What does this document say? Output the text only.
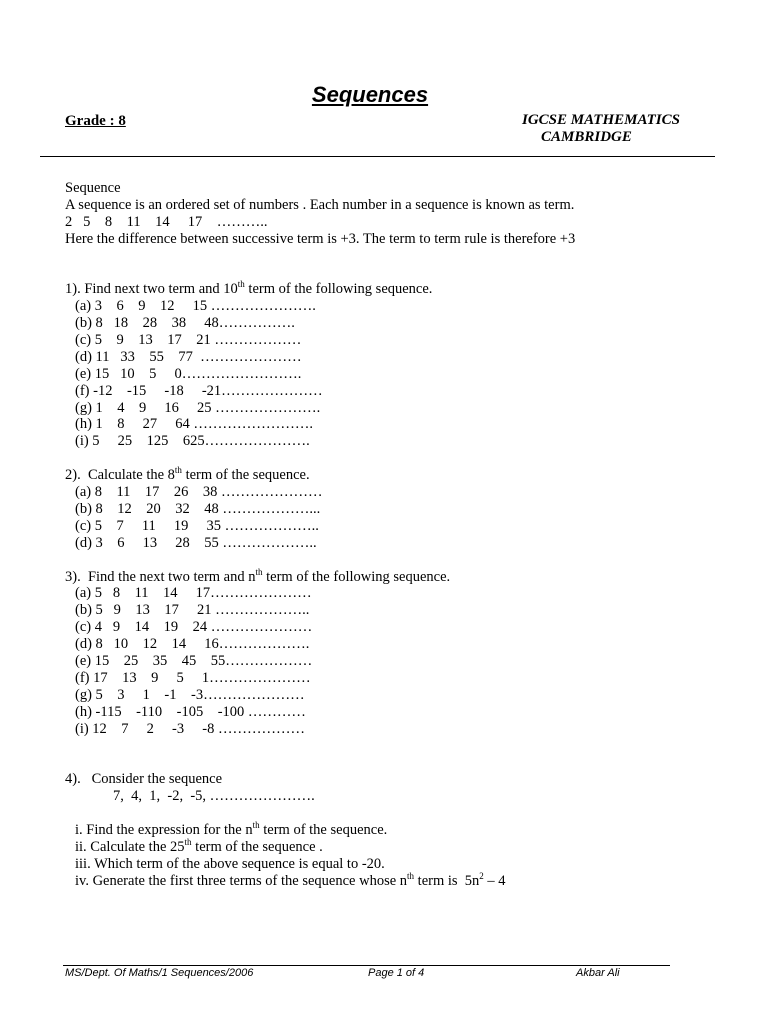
Sequences
Grade : 8	IGCSE MATHEMATICS
CAMBRIDGE
Sequence
A sequence is an ordered set of numbers . Each number in a sequence is known as term.
2   5    8    11    14     17    ………..
Here the difference between successive term is +3. The term to term rule is therefore +3
1). Find next two term and 10th term of the following sequence.
(a) 3    6    9    12     15 ………………….
(b) 8   18    28    38     48…………….
(c) 5    9    13    17    21 ………………
(d) 11   33    55    77  …………………
(e) 15   10    5     0…………………….
(f) -12    -15     -18     -21…………………
(g) 1    4    9     16     25 ………………….
(h) 1    8     27     64 …………………….
(i) 5     25    125    625………………….
2).  Calculate the 8th term of the sequence.
(a) 8    11    17    26    38 …………………
(b) 8    12    20    32    48 ………………...
(c) 5    7     11     19     35 ………………..
(d) 3    6     13     28    55 ………………..
3).  Find the next two term and $n^{th}$ term of the following sequence.
(a) 5   8    11    14     17…………………
(b) 5   9    13    17     21 ………………..
(c) 4   9    14    19    24 …………………
(d) 8   10    12    14     16……………….
(e) 15    25    35    45    55………………
(f) 17    13    9     5     1…………………
(g) 5    3     1    -1    -3…………………
(h) -115    -110    -105    -100 …………
(i) 12    7     2     -3     -8 ………………
4).   Consider the sequence
7,  4,  1,  -2,  -5, ………………….
i. Find the expression for the $n^{th}$ term of the sequence.
ii. Calculate the 25th term of the sequence .
iii. Which term of the above sequence is equal to -20.
iv. Generate the first three terms of the sequence whose $n^{th}$ term is  $5n^2 - 4$
MS/Dept. Of Maths/1 Sequences/2006	Page 1 of 4	Akbar Ali
